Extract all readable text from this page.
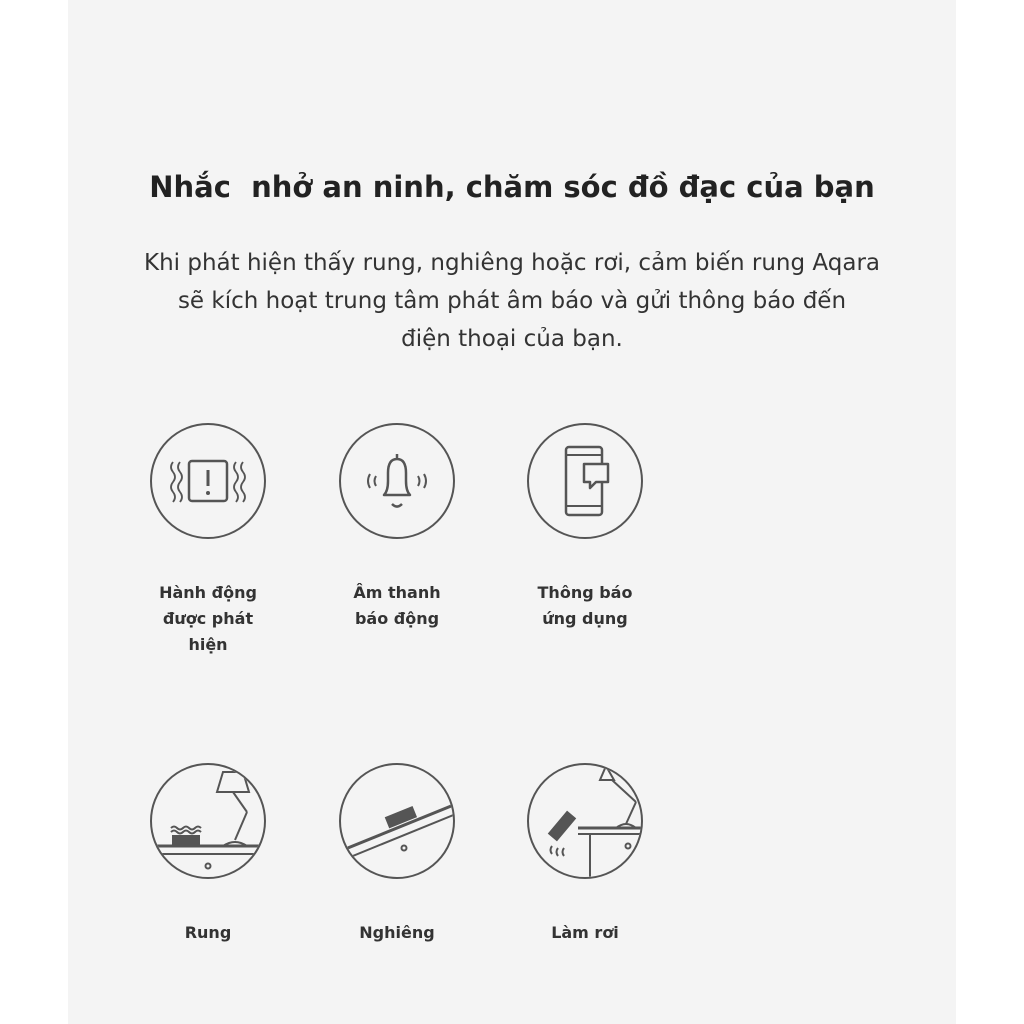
Nhắc  nhở an ninh, chăm sóc đồ đạc của bạn
Khi phát hiện thấy rung, nghiêng hoặc rơi, cảm biến rung Aqara
sẽ kích hoạt trung tâm phát âm báo và gửi thông báo đến
điện thoại của bạn.
Hành động
được phát
hiện
Âm thanh
báo động
Thông báo
ứng dụng
Rung	Nghiêng	Làm rơi
